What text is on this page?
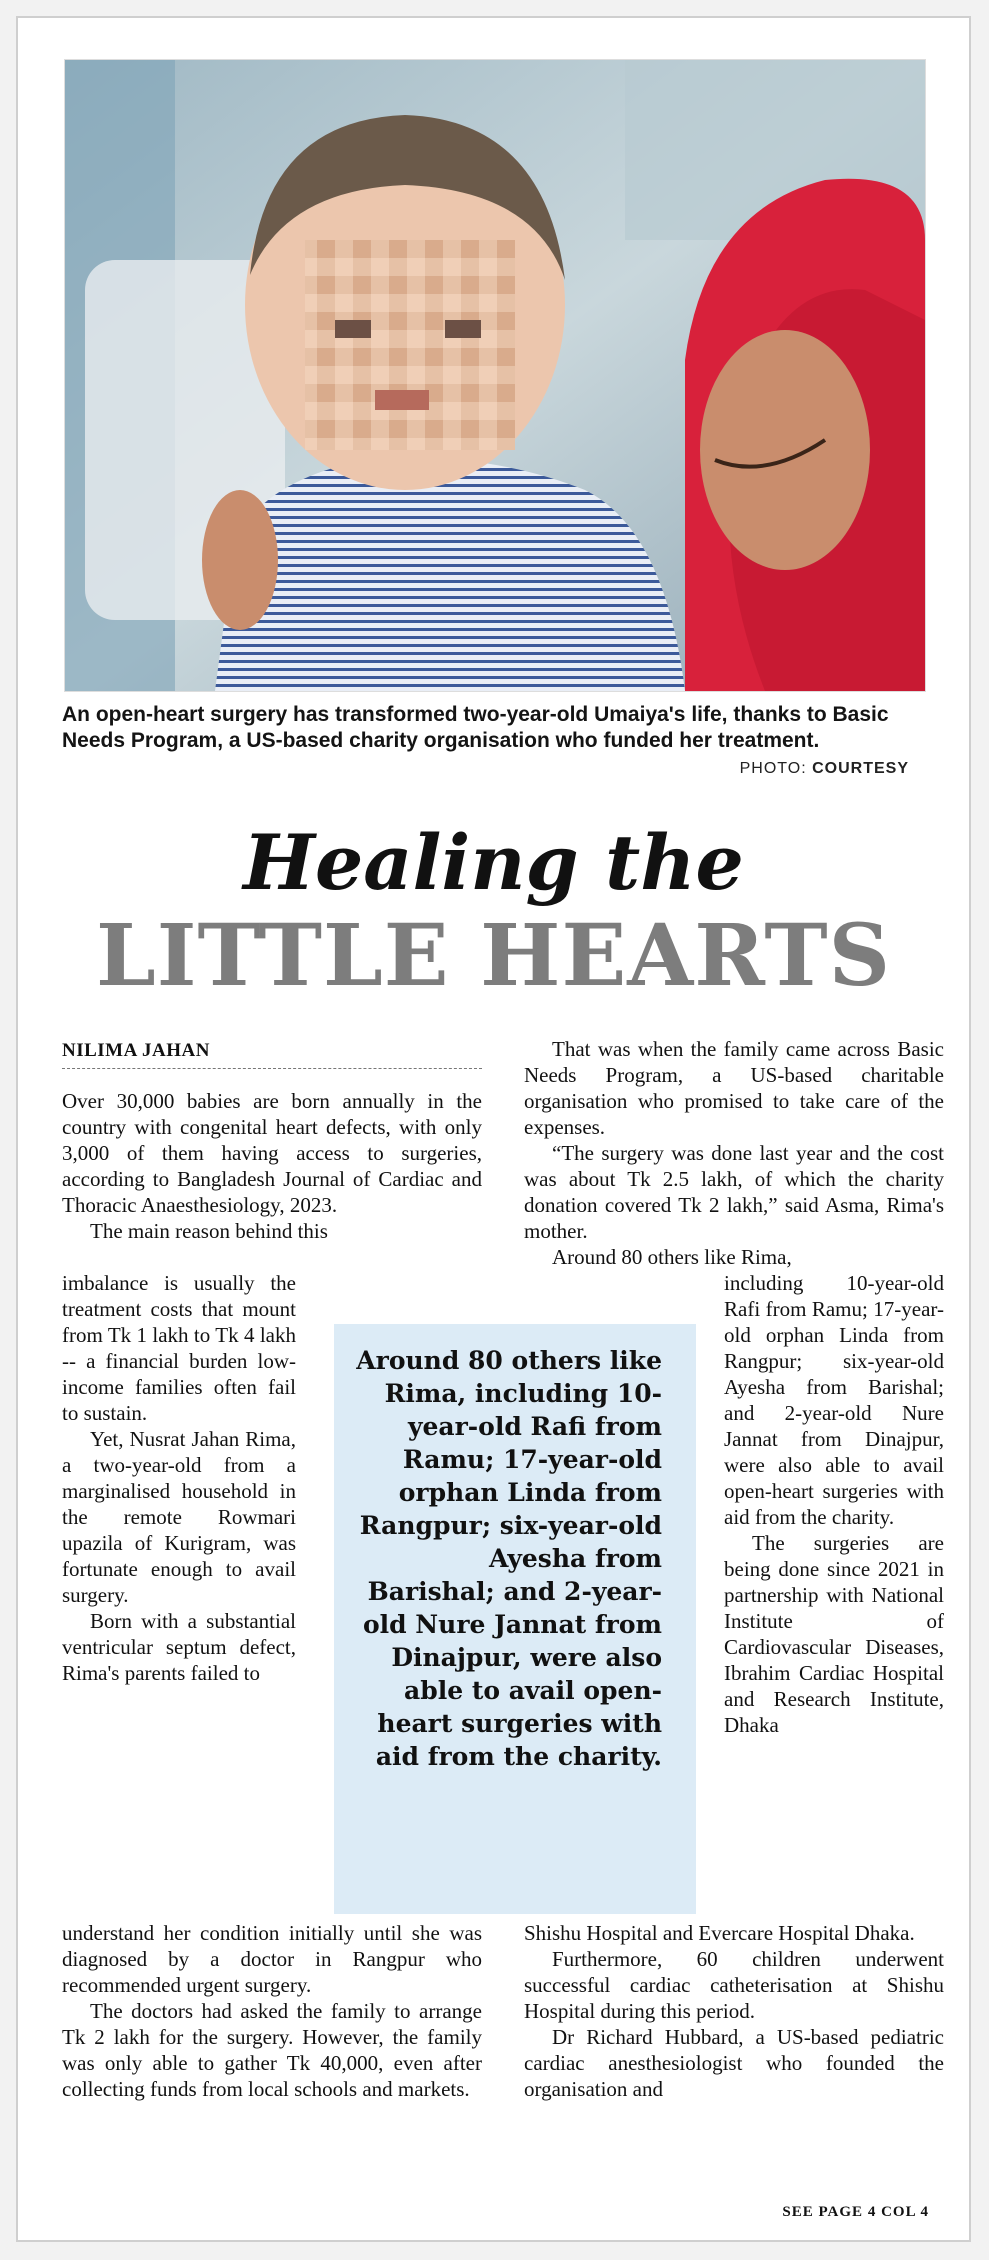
An open-heart surgery has transformed two-year-old Umaiya's life, thanks to Basic Needs Program, a US-based charity organisation who funded her treatment.
PHOTO: COURTESY
Healing the
LITTLE HEARTS
NILIMA JAHAN

Over 30,000 babies are born annually in the country with congenital heart defects, with only 3,000 of them having access to surgeries, according to Bangladesh Journal of Cardiac and Thoracic Anaesthesiology, 2023.

The main reason behind this

imbalance is usually the treatment costs that mount from Tk 1 lakh to Tk 4 lakh -- a financial burden low-income families often fail to sustain.

Yet, Nusrat Jahan Rima, a two-year-old from a marginalised household in the remote Rowmari upazila of Kurigram, was fortunate enough to avail surgery.

Born with a substantial ventricular septum defect, Rima's parents failed to

understand her condition initially until she was diagnosed by a doctor in Rangpur who recommended urgent surgery.

The doctors had asked the family to arrange Tk 2 lakh for the surgery. However, the family was only able to gather Tk 40,000, even after collecting funds from local schools and markets.

That was when the family came across Basic Needs Program, a US-based charitable organisation who promised to take care of the expenses.

“The surgery was done last year and the cost was about Tk 2.5 lakh, of which the charity donation covered Tk 2 lakh,” said Asma, Rima's mother.

Around 80 others like Rima,

including 10-year-old Rafi from Ramu; 17-year-old orphan Linda from Rangpur; six-year-old Ayesha from Barishal; and 2-year-old Nure Jannat from Dinajpur, were also able to avail open-heart surgeries with aid from the charity.

The surgeries are being done since 2021 in partnership with National Institute of Cardiovascular Diseases, Ibrahim Cardiac Hospital and Research Institute, Dhaka

Shishu Hospital and Evercare Hospital Dhaka.

Furthermore, 60 children underwent successful cardiac catheterisation at Shishu Hospital during this period.

Dr Richard Hubbard, a US-based pediatric cardiac anesthesiologist who founded the organisation and

Around 80 others like Rima, including 10-year-old Rafi from Ramu; 17-year-old orphan Linda from Rangpur; six-year-old Ayesha from Barishal; and 2-year-old Nure Jannat from Dinajpur, were also able to avail open-heart surgeries with aid from the charity.

SEE PAGE 4 COL 4
